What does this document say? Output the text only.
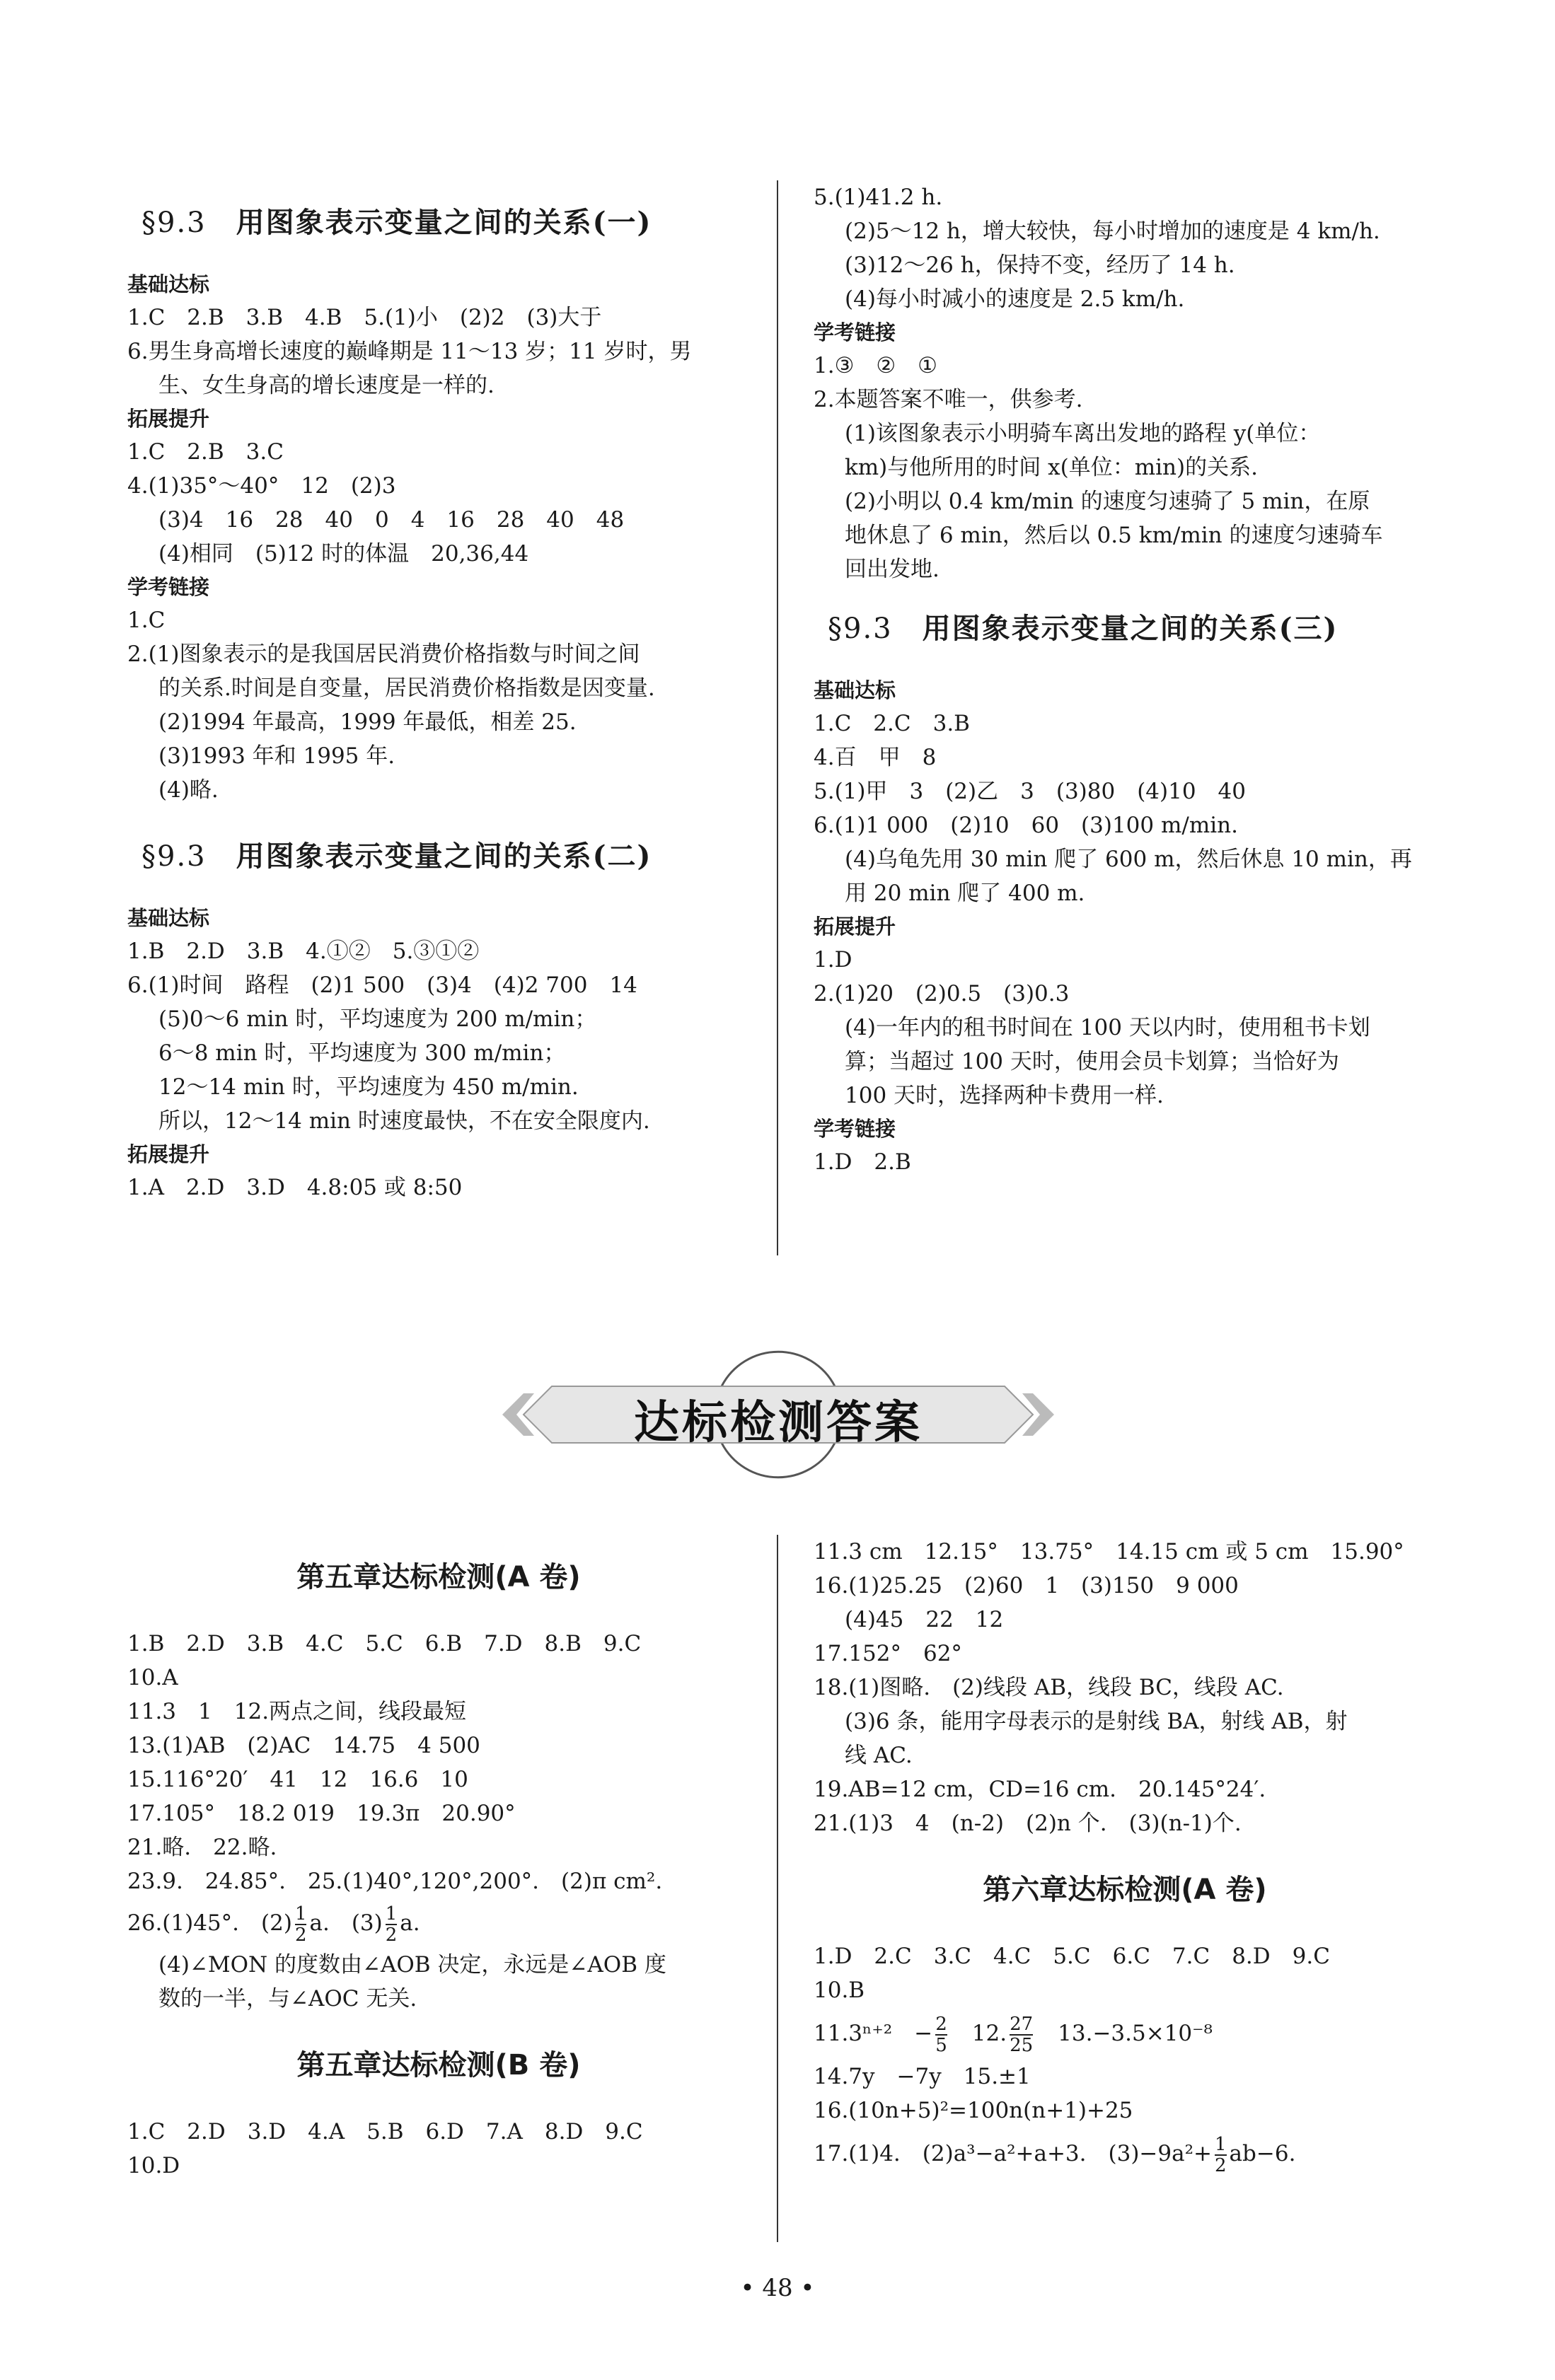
§9.3　 用图象表示变量之间的关系(一)
基础达标
1.C　2.B　3.B　4.B　5.(1)小　(2)2　(3)大于
6.男生身高增长速度的巅峰期是 11～13 岁；11 岁时，男
生、女生身高的增长速度是一样的.
拓展提升
1.C　2.B　3.C
4.(1)35°～40°　12　(2)3
(3)4　16　28　40　0　4　16　28　40　48
(4)相同　(5)12 时的体温　20,36,44
学考链接
1.C
2.(1)图象表示的是我国居民消费价格指数与时间之间
的关系.时间是自变量，居民消费价格指数是因变量.
(2)1994 年最高，1999 年最低，相差 25.
(3)1993 年和 1995 年.
(4)略.
§9.3　 用图象表示变量之间的关系(二)
基础达标
1.B　2.D　3.B　4.①②　5.③①②
6.(1)时间　路程　(2)1 500　(3)4　(4)2 700　14
(5)0～6 min 时，平均速度为 200 m/min；
6～8 min 时，平均速度为 300 m/min；
12～14 min 时，平均速度为 450 m/min.
所以，12～14 min 时速度最快，不在安全限度内.
拓展提升
1.A　2.D　3.D　4.8:05 或 8:50
5.(1)41.2 h.
(2)5～12 h，增大较快，每小时增加的速度是 4 km/h.
(3)12～26 h，保持不变，经历了 14 h.
(4)每小时减小的速度是 2.5 km/h.
学考链接
1.③　②　①
2.本题答案不唯一，供参考.
(1)该图象表示小明骑车离出发地的路程 y(单位：
km)与他所用的时间 x(单位：min)的关系.
(2)小明以 0.4 km/min 的速度匀速骑了 5 min，在原
地休息了 6 min，然后以 0.5 km/min 的速度匀速骑车
回出发地.
§9.3　 用图象表示变量之间的关系(三)
基础达标
1.C　2.C　3.B
4.百　甲　8
5.(1)甲　3　(2)乙　3　(3)80　(4)10　40
6.(1)1 000　(2)10　60　(3)100 m/min.
(4)乌龟先用 30 min 爬了 600 m，然后休息 10 min，再
用 20 min 爬了 400 m.
拓展提升
1.D
2.(1)20　(2)0.5　(3)0.3
(4)一年内的租书时间在 100 天以内时，使用租书卡划
算；当超过 100 天时，使用会员卡划算；当恰好为
100 天时，选择两种卡费用一样.
学考链接
1.D　2.B
达标检测答案
第五章达标检测(A 卷)
1.B　2.D　3.B　4.C　5.C　6.B　7.D　8.B　9.C
10.A
11.3　1　12.两点之间，线段最短
13.(1)AB　(2)AC　14.75　4 500
15.116°20′　41　12　16.6　10
17.105°　18.2 019　19.3π　20.90°
21.略.　22.略.
23.9.　24.85°.　25.(1)40°,120°,200°.　(2)π cm².
26.(1)45°.　$(2) \frac{1}{2} a$.　$(3) \frac{1}{2} a$.
(4)∠MON 的度数由∠AOB 决定，永远是∠AOB 度
数的一半，与∠AOC 无关.
第五章达标检测(B 卷)
1.C　2.D　3.D　4.A　5.B　6.D　7.A　8.D　9.C
10.D
11.3 cm　12.15°　13.75°　14.15 cm 或 5 cm　15.90°
16.(1)25.25　(2)60　1　(3)150　9 000
(4)45　22　12
17.152°　62°
18.(1)图略.　(2)线段 AB，线段 BC，线段 AC.
(3)6 条，能用字母表示的是射线 BA，射线 AB，射
线 AC.
19.AB=12 cm，CD=16 cm.　20.145°24′.
21.(1)3　4　(n-2)　(2)n 个.　(3)(n-1)个.
第六章达标检测(A 卷)
1.D　2.C　3.C　4.C　5.C　6.C　7.C　8.D　9.C
10.B
11.3ⁿ⁺²　− $\frac{2}{5}$ 　12. $\frac{27}{25}$ 　13.−3.5×10⁻⁸
14.7y　−7y　15.±1
16.(10n+5)²=100n(n+1)+25
17.(1)4.　(2)a³−a²+a+3.　$(3)-9a^2+ \frac{1}{2} ab-6$.
• 48 •
